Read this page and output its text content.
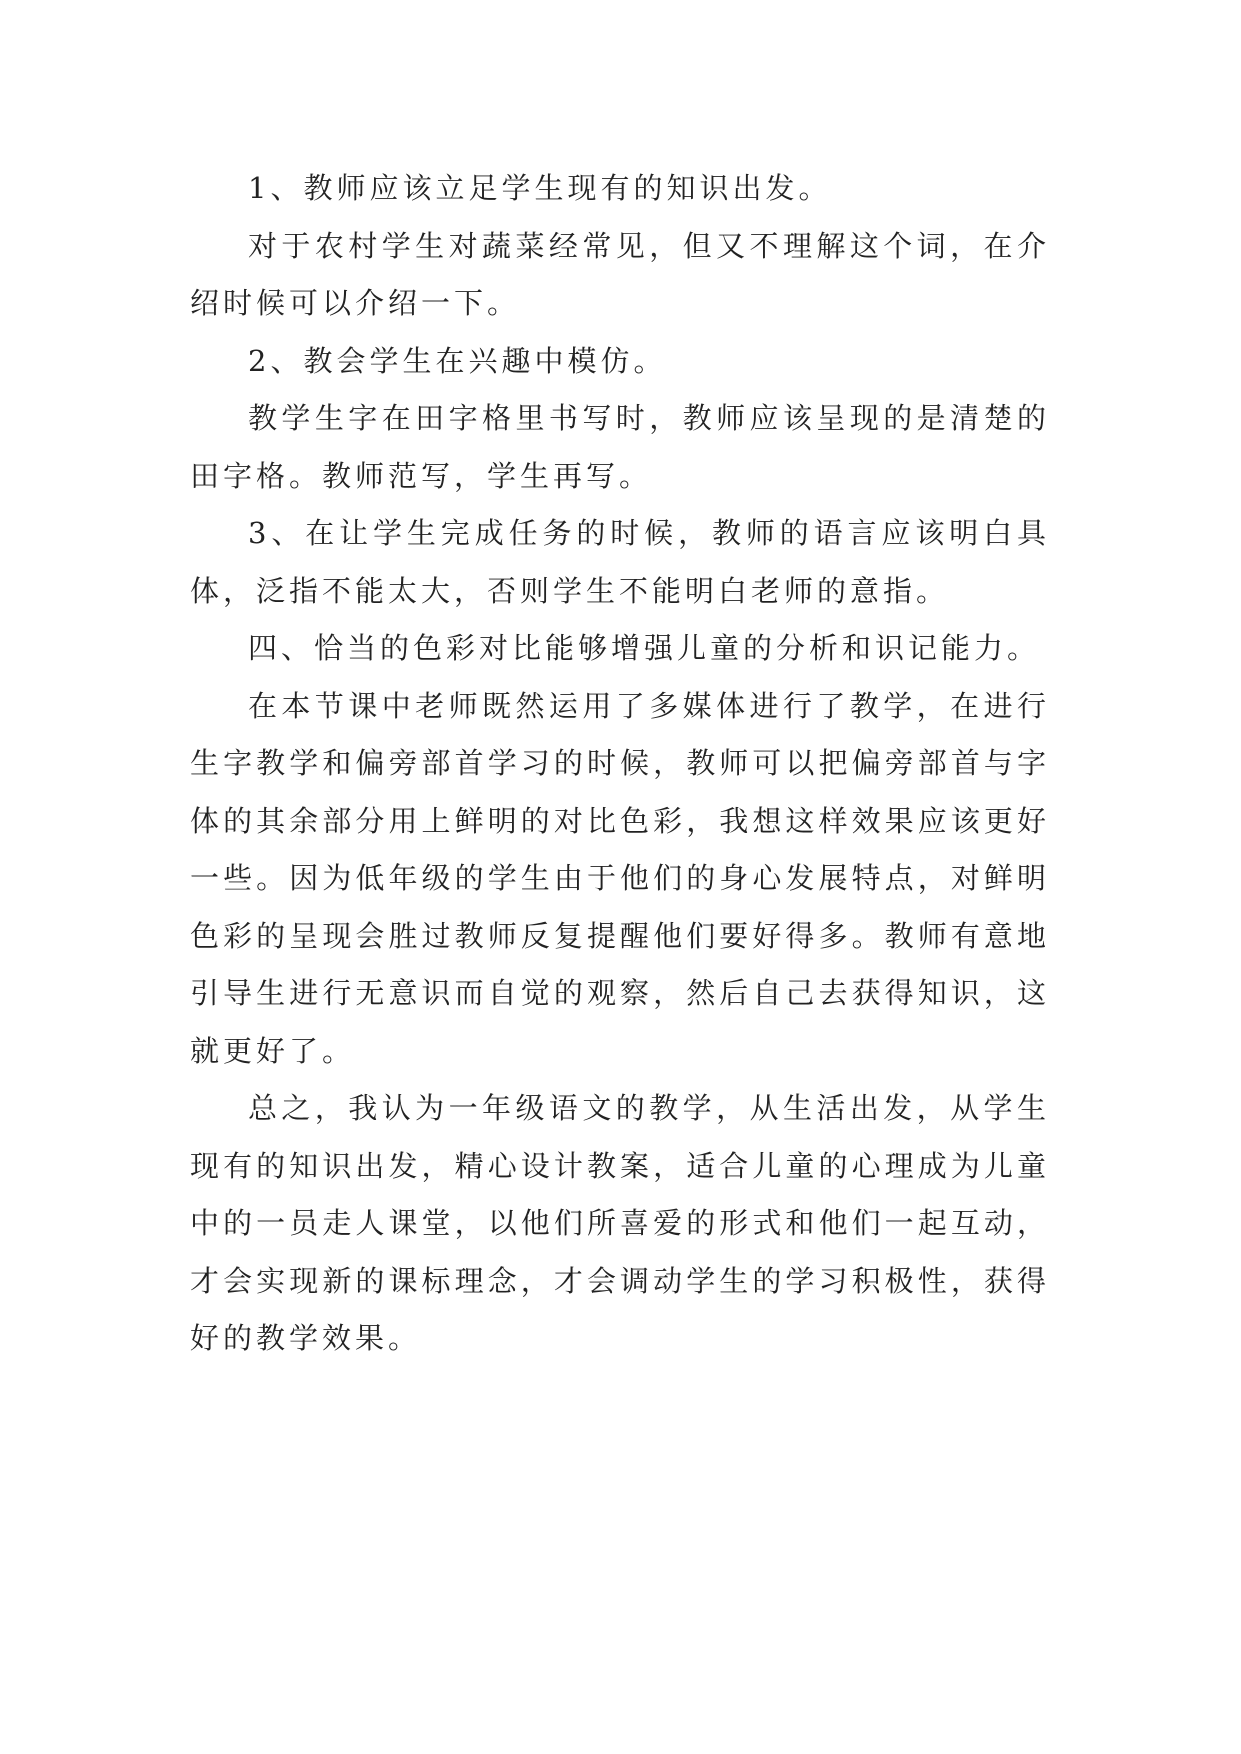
1、教师应该立足学生现有的知识出发。

对于农村学生对蔬菜经常见，但又不理解这个词，在介绍时候可以介绍一下。

2、教会学生在兴趣中模仿。

教学生字在田字格里书写时，教师应该呈现的是清楚的田字格。教师范写，学生再写。

3、在让学生完成任务的时候，教师的语言应该明白具体，泛指不能太大，否则学生不能明白老师的意指。

四、恰当的色彩对比能够增强儿童的分析和识记能力。

在本节课中老师既然运用了多媒体进行了教学，在进行生字教学和偏旁部首学习的时候，教师可以把偏旁部首与字体的其余部分用上鲜明的对比色彩，我想这样效果应该更好一些。因为低年级的学生由于他们的身心发展特点，对鲜明色彩的呈现会胜过教师反复提醒他们要好得多。教师有意地引导生进行无意识而自觉的观察，然后自己去获得知识，这就更好了。

总之，我认为一年级语文的教学，从生活出发，从学生现有的知识出发，精心设计教案，适合儿童的心理成为儿童中的一员走人课堂，以他们所喜爱的形式和他们一起互动，才会实现新的课标理念，才会调动学生的学习积极性，获得好的教学效果。
